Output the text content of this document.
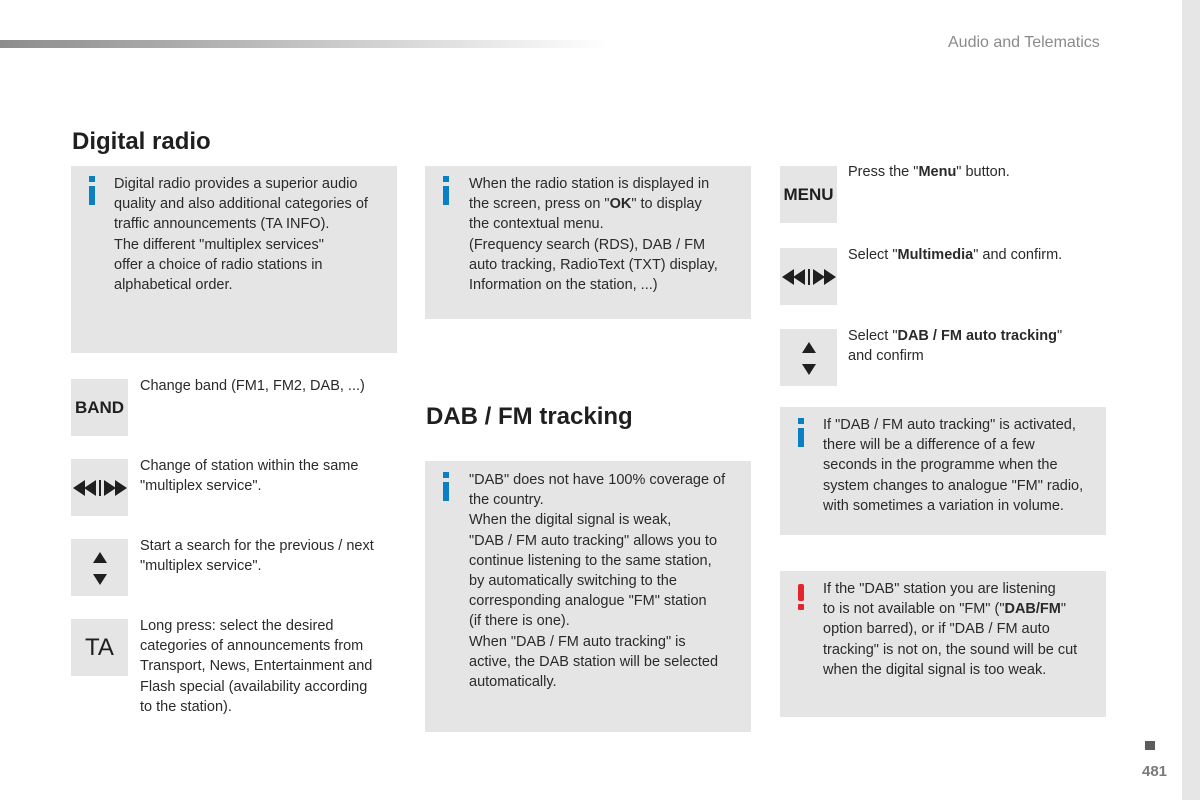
Audio and Telematics
Digital radio
Digital radio provides a superior audio
quality and also additional categories of
traffic announcements (TA INFO).
The different "multiplex services"
offer a choice of radio stations in
alphabetical order.
BAND
Change band (FM1, FM2, DAB, ...)
Change of station within the same
"multiplex service".
Start a search for the previous / next
"multiplex service".
TA
Long press: select the desired
categories of announcements from
Transport, News, Entertainment and
Flash special (availability according
to the station).
When the radio station is displayed in
the screen, press on "OK" to display
the contextual menu.
(Frequency search (RDS), DAB / FM
auto tracking, RadioText (TXT) display,
Information on the station, ...)
DAB / FM tracking
"DAB" does not have 100% coverage of
the country.
When the digital signal is weak,
"DAB / FM auto tracking" allows you to
continue listening to the same station,
by automatically switching to the
corresponding analogue "FM" station
(if there is one).
When "DAB / FM auto tracking" is
active, the DAB station will be selected
automatically.
MENU
Press the "Menu" button.
Select "Multimedia" and confirm.
Select "DAB / FM auto tracking"
and confirm
If "DAB / FM auto tracking" is activated,
there will be a difference of a few
seconds in the programme when the
system changes to analogue "FM" radio,
with sometimes a variation in volume.
If the "DAB" station you are listening
to is not available on "FM" ("DAB/FM"
option barred), or if "DAB / FM auto
tracking" is not on, the sound will be cut
when the digital signal is too weak.
481
